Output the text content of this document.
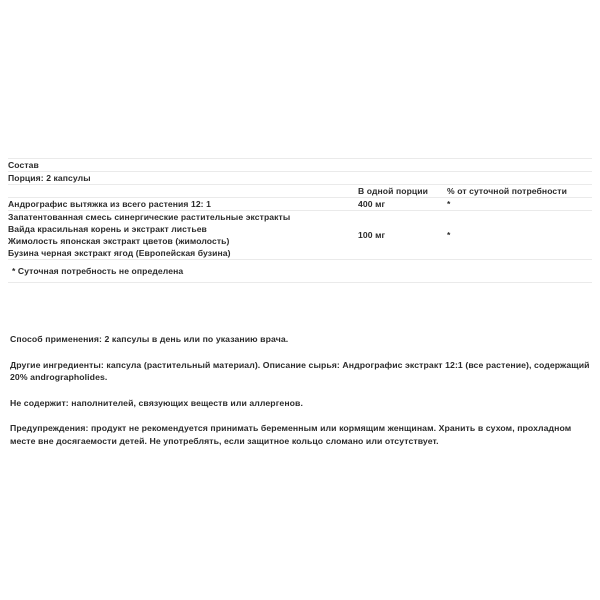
Состав		
Порция: 2 капсулы		
	В одной порции	% от суточной потребности
Андрографис вытяжка из всего растения 12: 1	400 мг	*

Запатентованная смесь синергические растительные экстракты
Вайда красильная корень и экстракт листьев
Жимолость японская экстракт цветов (жимолость)
Бузина черная экстракт ягод (Европейская бузина)	100 мг	*
* Суточная потребность не определена		

Способ применения: 2 капсулы в день или по указанию врача.

Другие ингредиенты: капсула (растительный материал). Описание сырья: Андрографис экстракт 12:1 (все растение), содержащий 20% andrographolides.

Не содержит: наполнителей, связующих веществ или аллергенов.

Предупреждения: продукт не рекомендуется принимать беременным или кормящим женщинам. Хранить в сухом, прохладном месте вне досягаемости детей. Не употреблять, если защитное кольцо сломано или отсутствует.
